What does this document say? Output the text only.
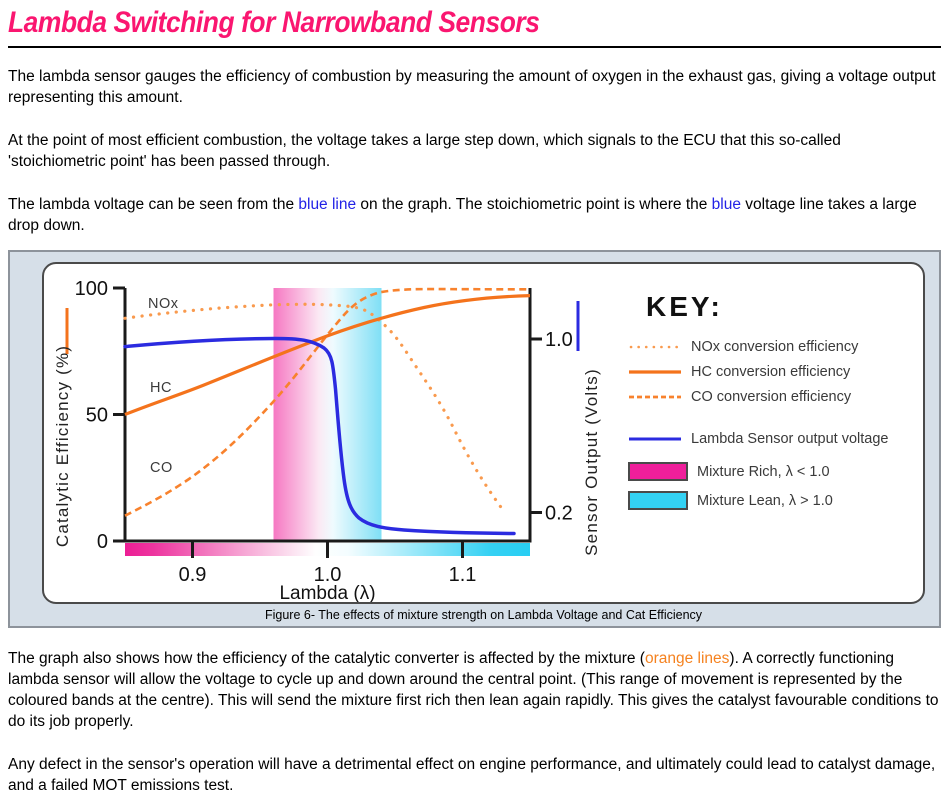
Lambda Switching for Narrowband Sensors

The lambda sensor gauges the efficiency of combustion by measuring the amount of oxygen in the exhaust gas, giving a voltage output representing this amount.

At the point of most efficient combustion, the voltage takes a large step down, which signals to the ECU that this so-called 'stoichiometric point' has been passed through.

The lambda voltage can be seen from the blue line on the graph. The stoichiometric point is where the blue voltage line takes a large drop down.

100
50
0
1.0
0.2
0.9	1.0	1.1
NOx
HC
CO
Catalytic Efficiency (%)	Sensor Output (Volts)
Lambda (λ)
KEY:
NOx conversion efficiency
HC conversion efficiency
CO conversion efficiency
Lambda Sensor output voltage
Mixture Rich, λ < 1.0
Mixture Lean, λ > 1.0
Figure 6- The effects of mixture strength on Lambda Voltage and Cat Efficiency

The graph also shows how the efficiency of the catalytic converter is affected by the mixture (orange lines). A correctly functioning lambda sensor will allow the voltage to cycle up and down around the central point. (This range of movement is represented by the coloured bands at the centre). This will send the mixture first rich then lean again rapidly. This gives the catalyst favourable conditions to do its job properly.

Any defect in the sensor's operation will have a detrimental effect on engine performance, and ultimately could lead to catalyst damage, and a failed MOT emissions test.
